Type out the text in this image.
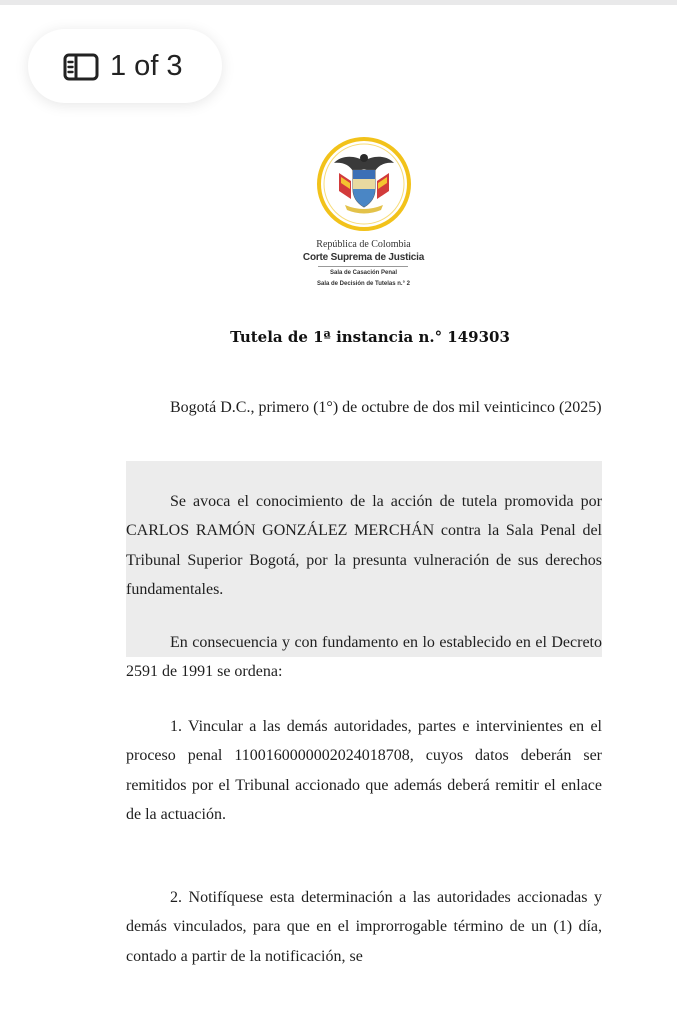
1 of 3
República de Colombia
Corte Suprema de Justicia
Sala de Casación Penal
Sala de Decisión de Tutelas n.° 2
Tutela de 1ª instancia n.° 149303
Bogotá D.C., primero (1°) de octubre de dos mil veinticinco (2025)
Se avoca el conocimiento de la acción de tutela promovida por CARLOS RAMÓN GONZÁLEZ MERCHÁN contra la Sala Penal del Tribunal Superior Bogotá, por la presunta vulneración de sus derechos fundamentales.
En consecuencia y con fundamento en lo establecido en el Decreto 2591 de 1991 se ordena:
1. Vincular a las demás autoridades, partes e intervinientes en el proceso penal 11001600000020240187​08, cuyos datos deberán ser remitidos por el Tribunal accionado que además deberá remitir el enlace de la actuación.
2. Notifíquese esta determinación a las autoridades accionadas y demás vinculados, para que en el improrrogable término de un (1) día, contado a partir de la notificación, se
